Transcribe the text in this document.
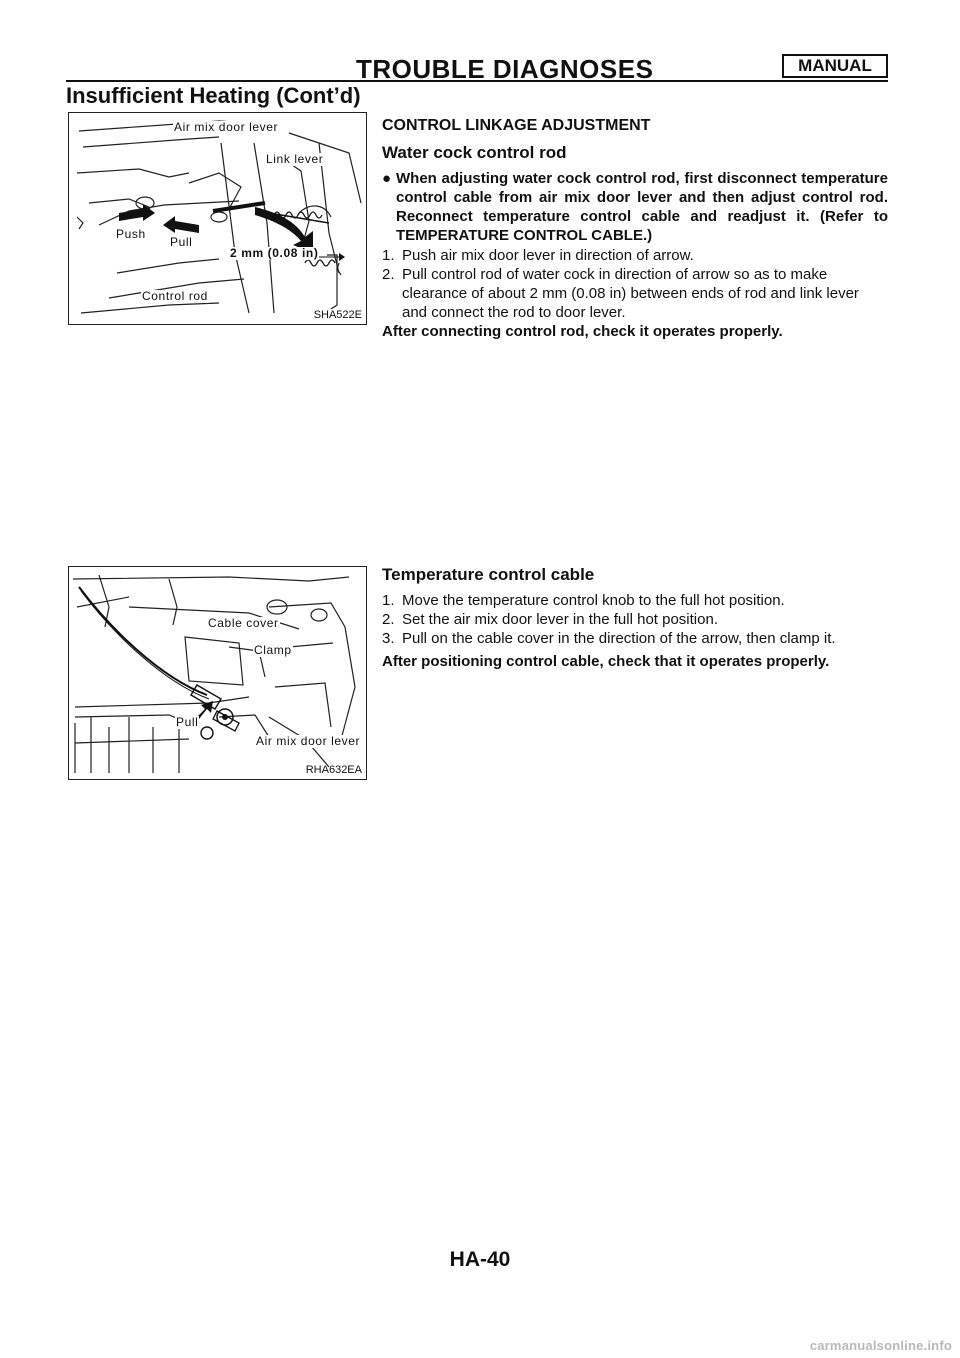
TROUBLE DIAGNOSES	MANUAL
Insufficient Heating (Cont’d)
Air mix door lever
Link lever
Push
Pull
2 mm (0.08 in)
Control rod
SHA522E
CONTROL LINKAGE ADJUSTMENT
Water cock control rod
● When adjusting water cock control rod, first disconnect temperature control cable from air mix door lever and then adjust control rod. Reconnect temperature control cable and readjust it. (Refer to TEMPERATURE CONTROL CABLE.)
1. Push air mix door lever in direction of arrow.
2. Pull control rod of water cock in direction of arrow so as to make clearance of about 2 mm (0.08 in) between ends of rod and link lever and connect the rod to door lever.
After connecting control rod, check it operates properly.
Cable cover
Clamp
Pull
Air mix door lever
RHA632EA
Temperature control cable
1. Move the temperature control knob to the full hot position.
2. Set the air mix door lever in the full hot position.
3. Pull on the cable cover in the direction of the arrow, then clamp it.
After positioning control cable, check that it operates properly.
HA-40
carmanualsonline.info
